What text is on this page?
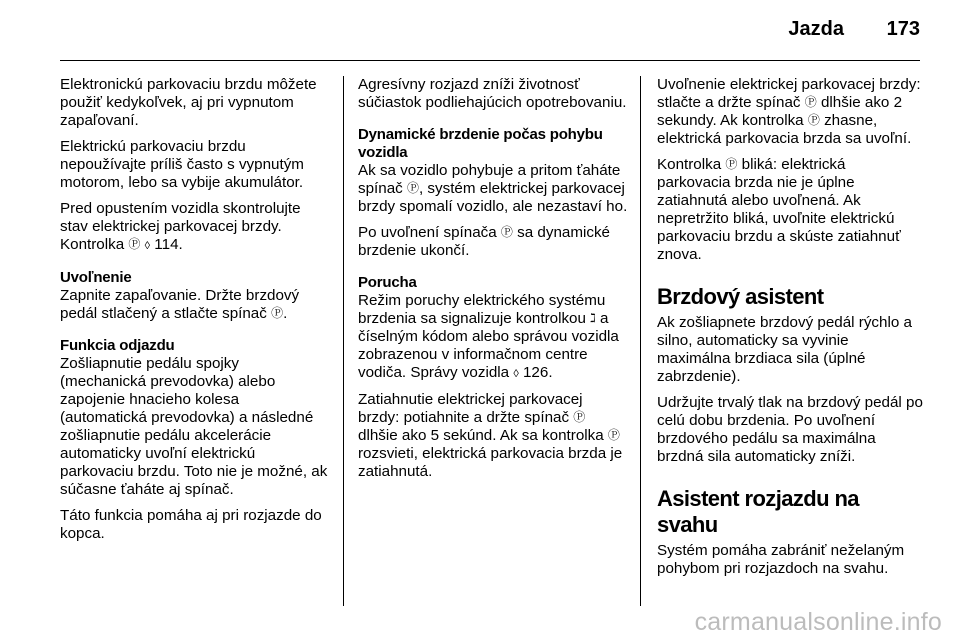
Jazda 173

Elektronickú parkovaciu brzdu môžete použiť kedykoľvek, aj pri vypnutom zapaľovaní.

Elektrickú parkovaciu brzdu nepoužívajte príliš často s vypnutým motorom, lebo sa vybije akumulátor.

Pred opustením vozidla skontrolujte stav elektrickej parkovacej brzdy. Kontrolka Ⓟ ◊ 114.

Uvoľnenie

Zapnite zapaľovanie. Držte brzdový pedál stlačený a stlačte spínač Ⓟ.

Funkcia odjazdu

Zošliapnutie pedálu spojky (mechanická prevodovka) alebo zapojenie hnacieho kolesa (automatická prevodovka) a následné zošliapnutie pedálu akcelerácie automaticky uvoľní elektrickú parkovaciu brzdu. Toto nie je možné, ak súčasne ťaháte aj spínač.

Táto funkcia pomáha aj pri rozjazde do kopca.

Agresívny rozjazd zníži životnosť súčiastok podliehajúcich opotrebovaniu.

Dynamické brzdenie počas pohybu vozidla

Ak sa vozidlo pohybuje a pritom ťaháte spínač Ⓟ, systém elektrickej parkovacej brzdy spomalí vozidlo, ale nezastaví ho.

Po uvoľnení spínača Ⓟ sa dynamické brzdenie ukončí.

Porucha

Režim poruchy elektrického systému brzdenia sa signalizuje kontrolkou ℷ a číselným kódom alebo správou vozidla zobrazenou v informačnom centre vodiča. Správy vozidla ◊ 126.

Zatiahnutie elektrickej parkovacej brzdy: potiahnite a držte spínač Ⓟ dlhšie ako 5 sekúnd. Ak sa kontrolka Ⓟ rozsvieti, elektrická parkovacia brzda je zatiahnutá.

Uvoľnenie elektrickej parkovacej brzdy: stlačte a držte spínač Ⓟ dlhšie ako 2 sekundy. Ak kontrolka Ⓟ zhasne, elektrická parkovacia brzda sa uvoľní.

Kontrolka Ⓟ bliká: elektrická parkovacia brzda nie je úplne zatiahnutá alebo uvoľnená. Ak nepretržito bliká, uvoľnite elektrickú parkovaciu brzdu a skúste zatiahnuť znova.

Brzdový asistent

Ak zošliapnete brzdový pedál rýchlo a silno, automaticky sa vyvinie maximálna brzdiaca sila (úplné zabrzdenie).

Udržujte trvalý tlak na brzdový pedál po celú dobu brzdenia. Po uvoľnení brzdového pedálu sa maximálna brzdná sila automaticky zníži.

Asistent rozjazdu na svahu

Systém pomáha zabrániť neželaným pohybom pri rozjazdoch na svahu.

carmanualsonline.info
